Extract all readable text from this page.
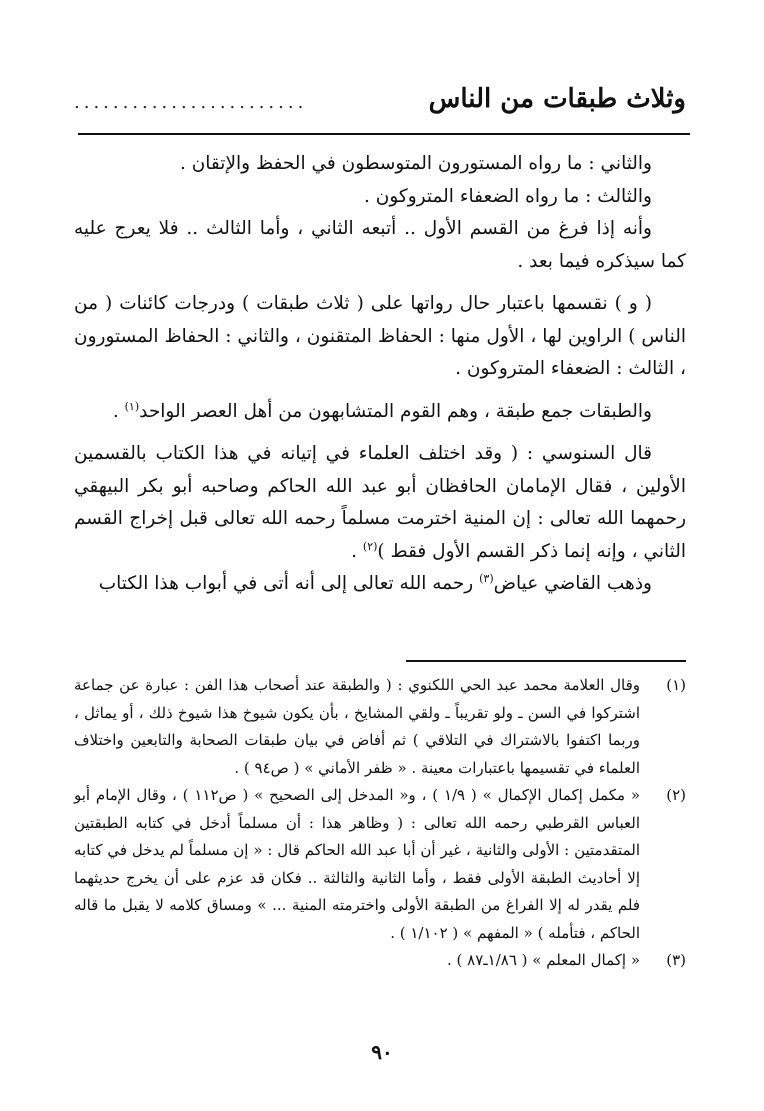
وثلاث طبقات من الناس
........................

والثاني : ما رواه المستورون المتوسطون في الحفظ والإتقان .

والثالث : ما رواه الضعفاء المتروكون .

وأنه إذا فرغ من القسم الأول .. أتبعه الثاني ، وأما الثالث .. فلا يعرج عليه كما سيذكره فيما بعد .

( و ) نقسمها باعتبار حال رواتها على ( ثلاث طبقات ) ودرجات كائنات ( من الناس ) الراوين لها ، الأول منها : الحفاظ المتقنون ، والثاني : الحفاظ المستورون ، الثالث : الضعفاء المتروكون .

والطبقات جمع طبقة ، وهم القوم المتشابهون من أهل العصر الواحد$^{(١)}$ .

قال السنوسي : ( وقد اختلف العلماء في إتيانه في هذا الكتاب بالقسمين الأولين ، فقال الإمامان الحافظان أبو عبد الله الحاكم وصاحبه أبو بكر البيهقي رحمهما الله تعالى : إن المنية اخترمت مسلماً رحمه الله تعالى قبل إخراج القسم الثاني ، وإنه إنما ذكر القسم الأول فقط )$^{(٢)}$ .

وذهب القاضي عياض$^{(٣)}$ رحمه الله تعالى إلى أنه أتى في أبواب هذا الكتاب

(١)
وقال العلامة محمد عبد الحي اللكنوي : ( والطبقة عند أصحاب هذا الفن : عبارة عن جماعة اشتركوا في السن ـ ولو تقريباً ـ ولقي المشايخ ، بأن يكون شيوخ هذا شيوخ ذلك ، أو يماثل ، وربما اكتفوا بالاشتراك في التلاقي ) ثم أفاض في بيان طبقات الصحابة والتابعين واختلاف العلماء في تقسيمها باعتبارات معينة . « ظفر الأماني » ( ص٩٤ ) .
(٢)
« مكمل إكمال الإكمال » ( ١/٩ ) ، و« المدخل إلى الصحيح » ( ص١١٢ ) ، وقال الإمام أبو العباس القرطبي رحمه الله تعالى : ( وظاهر هذا : أن مسلماً أدخل في كتابه الطبقتين المتقدمتين : الأولى والثانية ، غير أن أبا عبد الله الحاكم قال : « إن مسلماً لم يدخل في كتابه إلا أحاديث الطبقة الأولى فقط ، وأما الثانية والثالثة .. فكان قد عزم على أن يخرج حديثهما فلم يقدر له إلا الفراغ من الطبقة الأولى واخترمته المنية ... » ومساق كلامه لا يقبل ما قاله الحاكم ، فتأمله ) « المفهم » ( ١/١٠٢ ) .
(٣)
« إكمال المعلم » ( ١/٨٦ـ٨٧ ) .
٩٠
